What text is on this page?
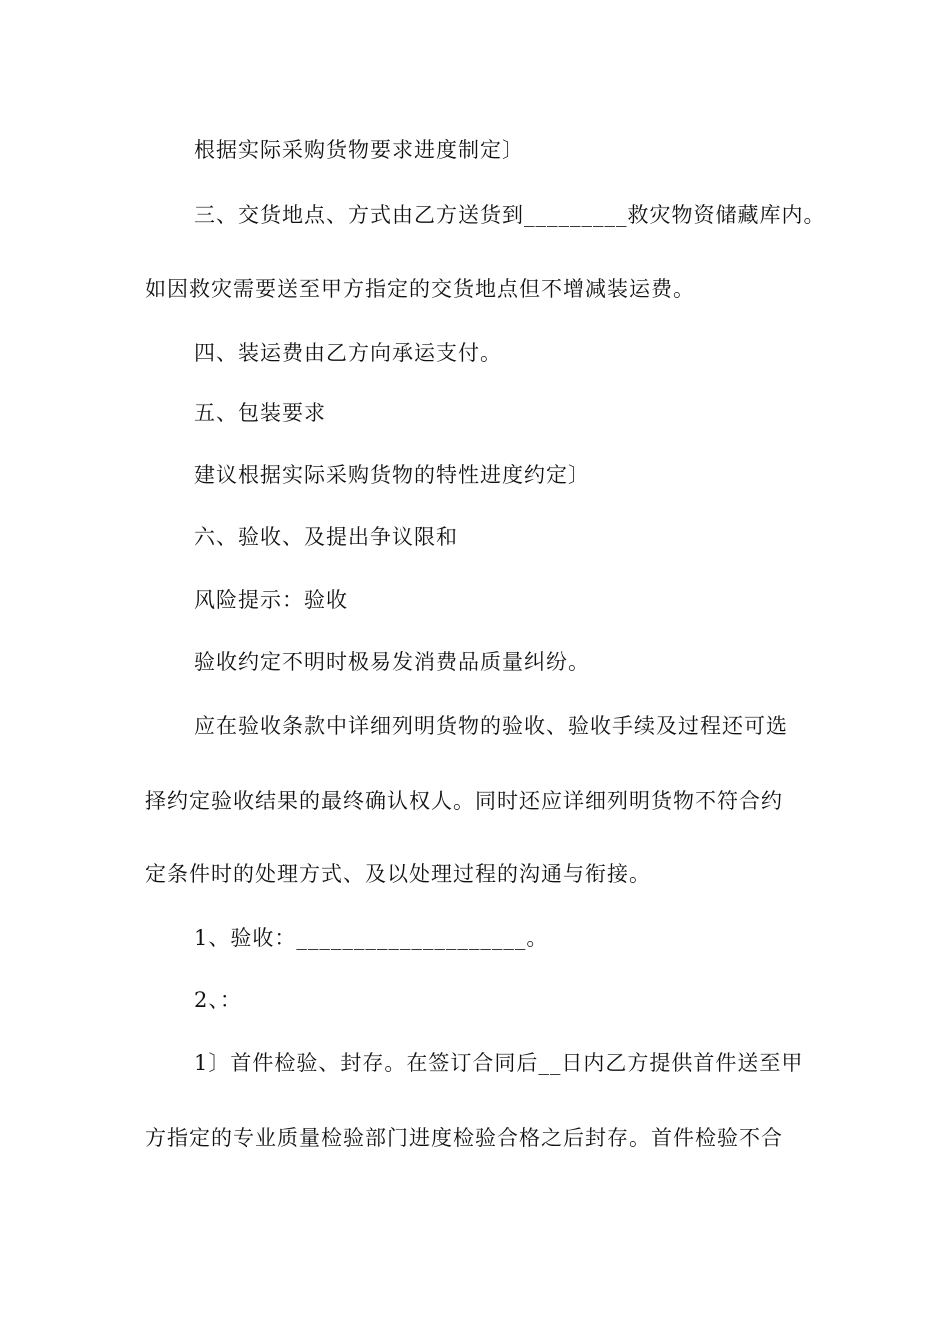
根据实际采购货物要求进度制定〕
三、交货地点、方式由乙方送货到_________救灾物资储藏库内。
如因救灾需要送至甲方指定的交货地点但不增减装运费。
四、装运费由乙方向承运支付。
五、包装要求
建议根据实际采购货物的特性进度约定〕
六、验收、及提出争议限和
风险提示：验收
验收约定不明时极易发消费品质量纠纷。
应在验收条款中详细列明货物的验收、验收手续及过程还可选
择约定验收结果的最终确认权人。同时还应详细列明货物不符合约
定条件时的处理方式、及以处理过程的沟通与衔接。
1、验收：____________________。
2、：
1〕首件检验、封存。在签订合同后__日内乙方提供首件送至甲
方指定的专业质量检验部门进度检验合格之后封存。首件检验不合
